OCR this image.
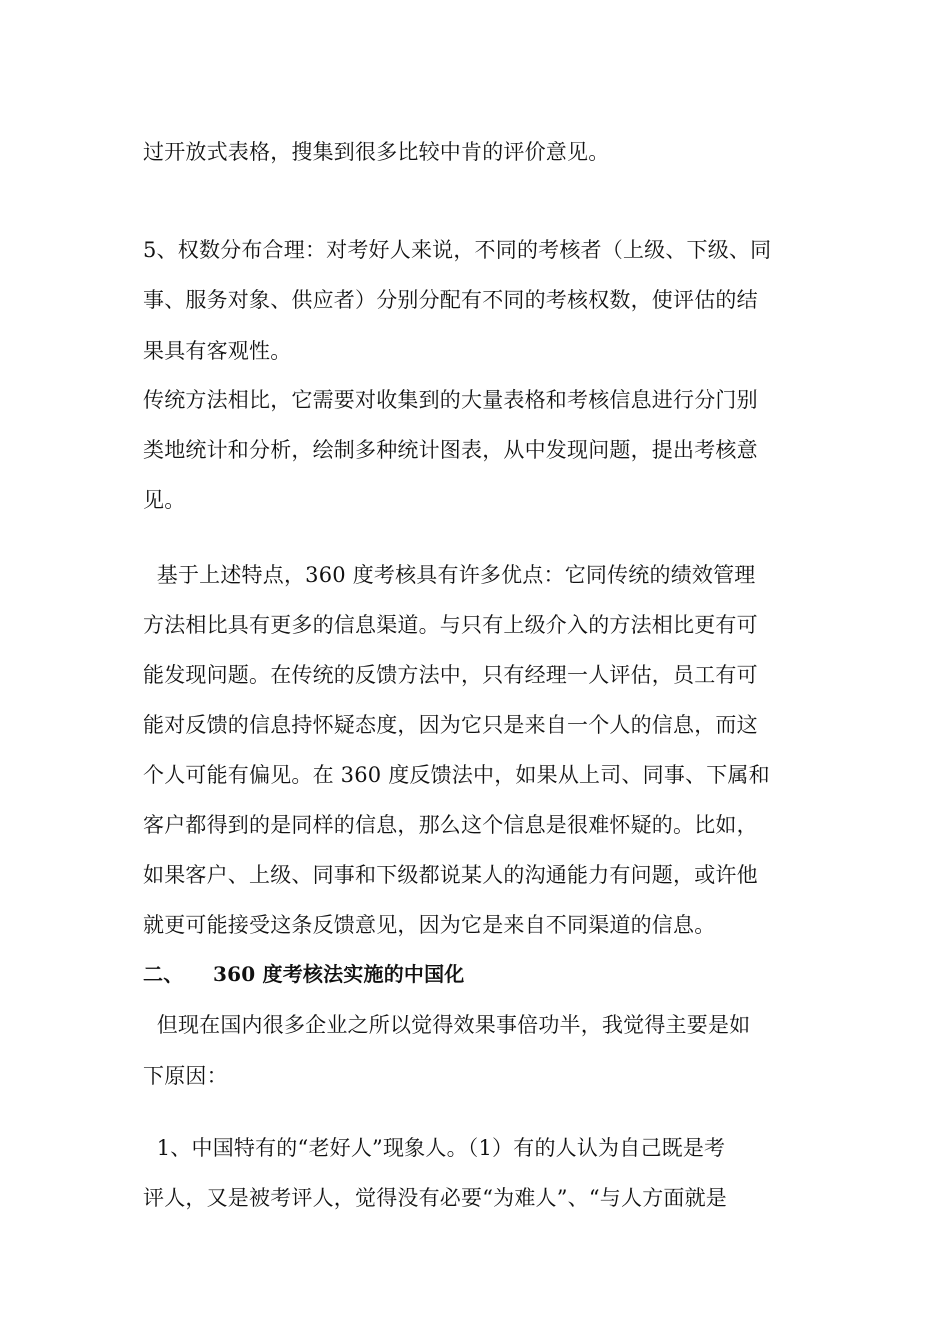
过开放式表格，搜集到很多比较中肯的评价意见。
5、权数分布合理：对考好人来说，不同的考核者（上级、下级、同
事、服务对象、供应者）分别分配有不同的考核权数，使评估的结
果具有客观性。
传统方法相比，它需要对收集到的大量表格和考核信息进行分门别
类地统计和分析，绘制多种统计图表，从中发现问题，提出考核意
见。
基于上述特点，360 度考核具有许多优点：它同传统的绩效管理
方法相比具有更多的信息渠道。与只有上级介入的方法相比更有可
能发现问题。在传统的反馈方法中，只有经理一人评估，员工有可
能对反馈的信息持怀疑态度，因为它只是来自一个人的信息，而这
个人可能有偏见。在 360 度反馈法中，如果从上司、同事、下属和
客户都得到的是同样的信息，那么这个信息是很难怀疑的。比如，
如果客户、上级、同事和下级都说某人的沟通能力有问题，或许他
就更可能接受这条反馈意见，因为它是来自不同渠道的信息。
二、 360 度考核法实施的中国化
但现在国内很多企业之所以觉得效果事倍功半，我觉得主要是如
下原因：
1、中国特有的“老好人”现象人。（1）有的人认为自己既是考
评人，又是被考评人，觉得没有必要“为难人”、“与人方面就是
